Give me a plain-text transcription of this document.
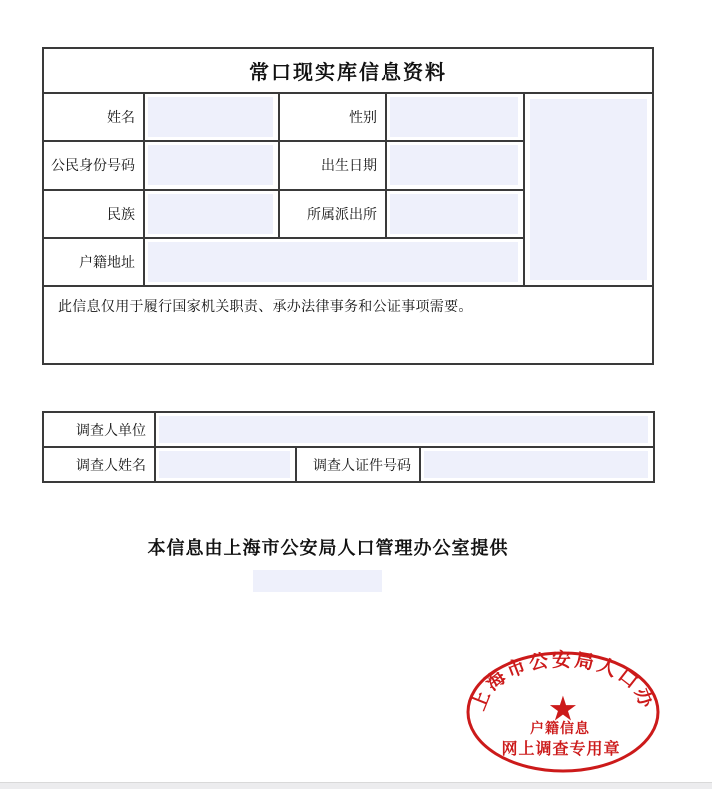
常口现实库信息资料				
姓名		性别	

公民身份号码		出生日期		

民族		所属派出所		

户籍地址				

此信息仅用于履行国家机关职责、承办法律事务和公证事项需要。				
调查人单位			

调查人姓名		调查人证件号码	
本信息由上海市公安局人口管理办公室提供
上海市公安局人口办
★
户籍信息
网上调查专用章
